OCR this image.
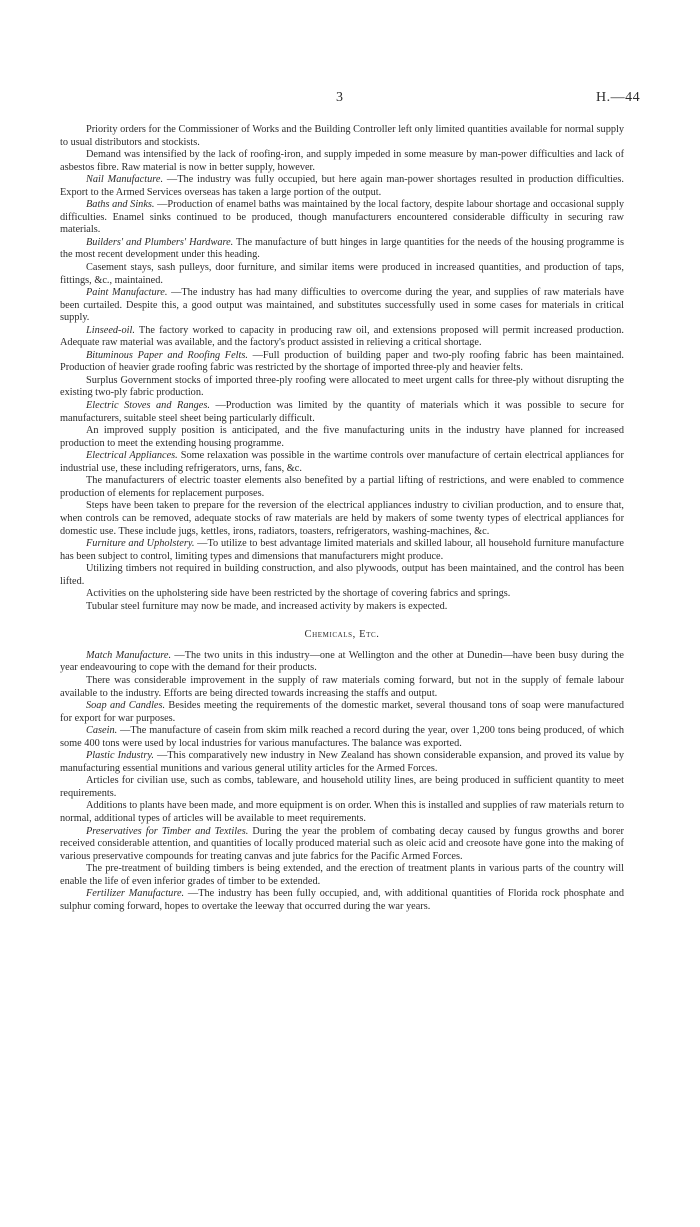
3	H.—44

Priority orders for the Commissioner of Works and the Building Controller left only limited quantities available for normal supply to usual distributors and stockists.

Demand was intensified by the lack of roofing-iron, and supply impeded in some measure by man-power difficulties and lack of asbestos fibre. Raw material is now in better supply, however.

Nail Manufacture. —The industry was fully occupied, but here again man-power shortages resulted in production difficulties. Export to the Armed Services overseas has taken a large portion of the output.

Baths and Sinks. —Production of enamel baths was maintained by the local factory, despite labour shortage and occasional supply difficulties. Enamel sinks continued to be produced, though manufacturers encountered considerable difficulty in securing raw materials.

Builders' and Plumbers' Hardware. The manufacture of butt hinges in large quantities for the needs of the housing programme is the most recent development under this heading.

Casement stays, sash pulleys, door furniture, and similar items were produced in increased quantities, and production of taps, fittings, &c., maintained.

Paint Manufacture. —The industry has had many difficulties to overcome during the year, and supplies of raw materials have been curtailed. Despite this, a good output was maintained, and substitutes successfully used in some cases for materials in critical supply.

Linseed-oil. The factory worked to capacity in producing raw oil, and extensions proposed will permit increased production. Adequate raw material was available, and the factory's product assisted in relieving a critical shortage.

Bituminous Paper and Roofing Felts. —Full production of building paper and two-ply roofing fabric has been maintained. Production of heavier grade roofing fabric was restricted by the shortage of imported three-ply and heavier felts.

Surplus Government stocks of imported three-ply roofing were allocated to meet urgent calls for three-ply without disrupting the existing two-ply fabric production.

Electric Stoves and Ranges. —Production was limited by the quantity of materials which it was possible to secure for manufacturers, suitable steel sheet being particularly difficult.

An improved supply position is anticipated, and the five manufacturing units in the industry have planned for increased production to meet the extending housing programme.

Electrical Appliances. Some relaxation was possible in the wartime controls over manufacture of certain electrical appliances for industrial use, these including refrigerators, urns, fans, &c.

The manufacturers of electric toaster elements also benefited by a partial lifting of restrictions, and were enabled to commence production of elements for replacement purposes.

Steps have been taken to prepare for the reversion of the electrical appliances industry to civilian production, and to ensure that, when controls can be removed, adequate stocks of raw materials are held by makers of some twenty types of electrical appliances for domestic use. These include jugs, kettles, irons, radiators, toasters, refrigerators, washing-machines, &c.

Furniture and Upholstery. —To utilize to best advantage limited materials and skilled labour, all household furniture manufacture has been subject to control, limiting types and dimensions that manufacturers might produce.

Utilizing timbers not required in building construction, and also plywoods, output has been maintained, and the control has been lifted.

Activities on the upholstering side have been restricted by the shortage of covering fabrics and springs.

Tubular steel furniture may now be made, and increased activity by makers is expected.

Chemicals, Etc.

Match Manufacture. —The two units in this industry—one at Wellington and the other at Dunedin—have been busy during the year endeavouring to cope with the demand for their products.

There was considerable improvement in the supply of raw materials coming forward, but not in the supply of female labour available to the industry. Efforts are being directed towards increasing the staffs and output.

Soap and Candles. Besides meeting the requirements of the domestic market, several thousand tons of soap were manufactured for export for war purposes.

Casein. —The manufacture of casein from skim milk reached a record during the year, over 1,200 tons being produced, of which some 400 tons were used by local industries for various manufactures. The balance was exported.

Plastic Industry. —This comparatively new industry in New Zealand has shown considerable expansion, and proved its value by manufacturing essential munitions and various general utility articles for the Armed Forces.

Articles for civilian use, such as combs, tableware, and household utility lines, are being produced in sufficient quantity to meet requirements.

Additions to plants have been made, and more equipment is on order. When this is installed and supplies of raw materials return to normal, additional types of articles will be available to meet requirements.

Preservatives for Timber and Textiles. During the year the problem of combating decay caused by fungus growths and borer received considerable attention, and quantities of locally produced material such as oleic acid and creosote have gone into the making of various preservative compounds for treating canvas and jute fabrics for the Pacific Armed Forces.

The pre-treatment of building timbers is being extended, and the erection of treatment plants in various parts of the country will enable the life of even inferior grades of timber to be extended.

Fertilizer Manufacture. —The industry has been fully occupied, and, with additional quantities of Florida rock phosphate and sulphur coming forward, hopes to overtake the leeway that occurred during the war years.
